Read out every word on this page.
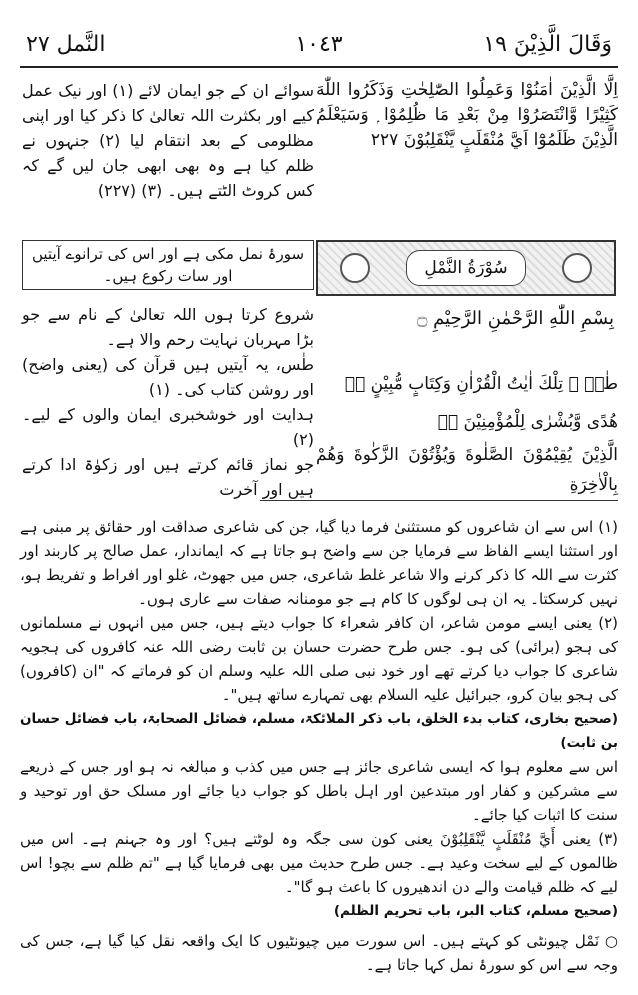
وَقَالَ الَّذِيْنَ ١٩
١٠٤٣
النَّمل ٢٧

اِلَّا الَّذِيْنَ اٰمَنُوْا وَعَمِلُوا الصّٰلِحٰتِ وَذَكَرُوا اللّٰهَ كَثِيْرًا وَّانْتَصَرُوْا مِنْ بَعْدِ مَا ظُلِمُوْا ۭ وَسَيَعْلَمُ الَّذِيْنَ ظَلَمُوْٓا اَيَّ مُنْقَلَبٍ يَّنْقَلِبُوْنَ ٢٢٧

سوائے ان کے جو ایمان لائے (۱) اور نیک عمل کیے اور بکثرت اللہ تعالیٰ کا ذکر کیا اور اپنی مظلومی کے بعد انتقام لیا (۲) جنہوں نے ظلم کیا ہے وہ بھی ابھی جان لیں گے کہ کس کروٹ الٹتے ہیں۔ (۳) (۲۲۷)

سُوْرَةُ النَّمْلِ
سورۂ نمل مکی ہے اور اس کی ترانوے آیتیں اور سات رکوع ہیں۔

بِسْمِ اللّٰهِ الرَّحْمٰنِ الرَّحِيْمِ ۝

طٰسۗ ۣ تِلْكَ اٰيٰتُ الْقُرْاٰنِ وَكِتَابٍ مُّبِيْنٍ ١ۙ

هُدًى وَّبُشْرٰى لِلْمُؤْمِنِيْنَ ٢ۙ

الَّذِيْنَ يُقِيْمُوْنَ الصَّلٰوةَ وَيُؤْتُوْنَ الزَّكٰوةَ وَهُمْ بِالْاٰخِرَةِ

شروع کرتا ہوں اللہ تعالیٰ کے نام سے جو بڑا مہربان نہایت رحم والا ہے۔

طٰس، یہ آیتیں ہیں قرآن کی (یعنی واضح) اور روشن کتاب کی۔ (۱)

ہدایت اور خوشخبری ایمان والوں کے لیے۔ (۲)

جو نماز قائم کرتے ہیں اور زکوٰۃ ادا کرتے ہیں اور آخرت

(۱) اس سے ان شاعروں کو مستثنیٰ فرما دیا گیا، جن کی شاعری صداقت اور حقائق پر مبنی ہے اور استثنا ایسے الفاظ سے فرمایا جن سے واضح ہو جاتا ہے کہ ایماندار، عمل صالح پر کاربند اور کثرت سے اللہ کا ذکر کرنے والا شاعر غلط شاعری، جس میں جھوٹ، غلو اور افراط و تفریط ہو، نہیں کرسکتا۔ یہ ان ہی لوگوں کا کام ہے جو مومنانہ صفات سے عاری ہوں۔

(۲) یعنی ایسے مومن شاعر، ان کافر شعراء کا جواب دیتے ہیں، جس میں انہوں نے مسلمانوں کی ہجو (برائی) کی ہو۔ جس طرح حضرت حسان بن ثابت رضی اللہ عنہ کافروں کی ہجویہ شاعری کا جواب دیا کرتے تھے اور خود نبی صلی اللہ علیہ وسلم ان کو فرماتے کہ "ان (کافروں) کی ہجو بیان کرو، جبرائیل علیہ السلام بھی تمہارے ساتھ ہیں"۔

(صحیح بخاری، کتاب بدء الخلق، باب ذکر الملائکۃ، مسلم، فضائل الصحابۃ، باب فضائل حسان بن ثابت)

اس سے معلوم ہوا کہ ایسی شاعری جائز ہے جس میں کذب و مبالغہ نہ ہو اور جس کے ذریعے سے مشرکین و کفار اور مبتدعین اور اہل باطل کو جواب دیا جائے اور مسلک حق اور توحید و سنت کا اثبات کیا جائے۔

(۳) یعنی أَيَّ مُنْقَلَبٍ يَّنْقَلِبُوْنَ یعنی کون سی جگہ وہ لوٹتے ہیں؟ اور وہ جہنم ہے۔ اس میں ظالموں کے لیے سخت وعید ہے۔ جس طرح حدیث میں بھی فرمایا گیا ہے "تم ظلم سے بچو! اس لیے کہ ظلم قیامت والے دن اندھیروں کا باعث ہو گا"۔

(صحیح مسلم، کتاب البر، باب تحریم الظلم)

○ نَمْل چیونٹی کو کہتے ہیں۔ اس سورت میں چیونٹیوں کا ایک واقعہ نقل کیا گیا ہے، جس کی وجہ سے اس کو سورۂ نمل کہا جاتا ہے۔
